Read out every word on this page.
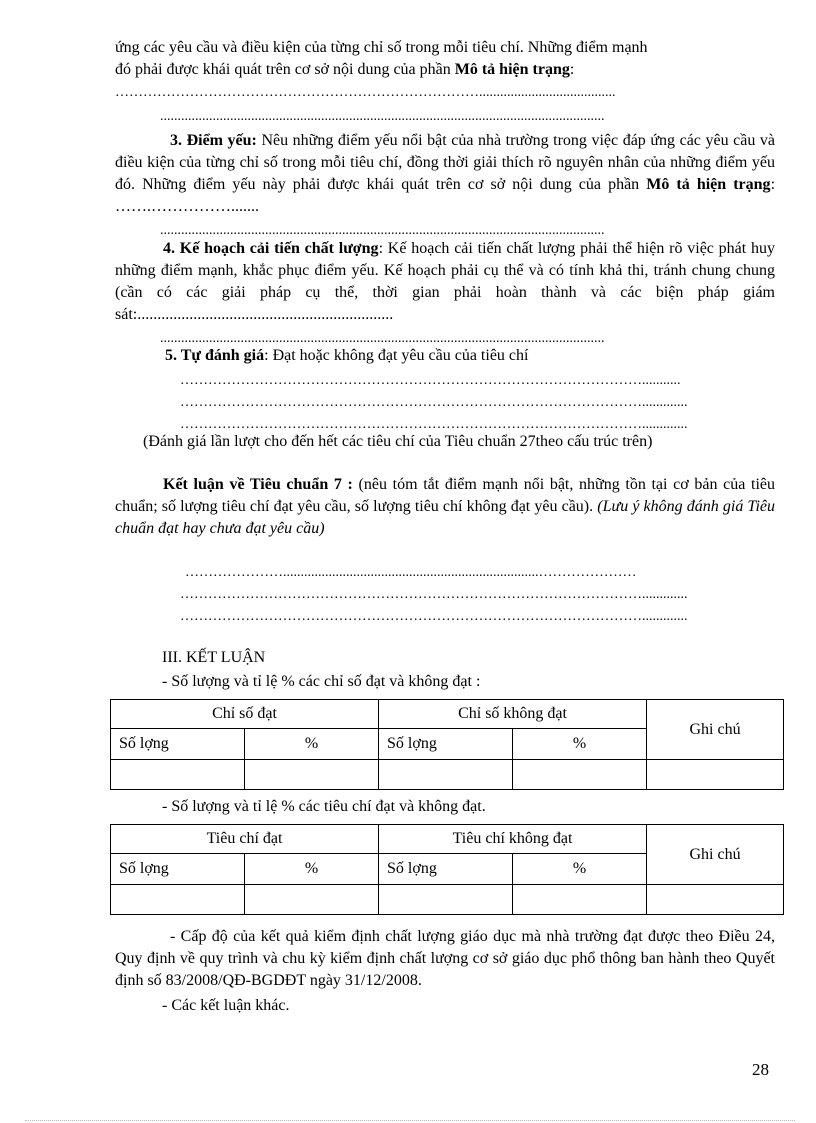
ứng các yêu cầu và điều kiện của từng chỉ số trong mỗi tiêu chí. Những điểm mạnh
đó phải được khái quát trên cơ sở nội dung của phần Mô tả hiện trạng:
…………………………………………………………………….......................................
...............................................................................................................................

3. Điểm yếu: Nêu những điểm yếu nổi bật của nhà trường trong việc đáp ứng các yêu cầu và điều kiện của từng chỉ số trong mỗi tiêu chí, đồng thời giải thích rõ nguyên nhân của những điểm yếu đó. Những điểm yếu này phải được khái quát trên cơ sở nội dung của phần Mô tả hiện trạng: …….…………….......

...............................................................................................................................

4. Kế hoạch cải tiến chất lượng: Kế hoạch cải tiến chất lượng phải thể hiện rõ việc phát huy những điểm mạnh, khắc phục điểm yếu. Kế hoạch phải cụ thể và có tính khả thi, tránh chung chung (cần có các giải pháp cụ thể, thời gian phải hoàn thành và các biện pháp giám sát:................................................................

...............................................................................................................................
5. Tự đánh giá: Đạt hoặc không đạt yêu cầu của tiêu chí
………………………………………………………………………………………...........
……………………………………………………………………………………….............
……………………………………………………………………………………….............
(Đánh giá lần lượt cho đến hết các tiêu chí của Tiêu chuẩn 27theo cấu trúc trên)

Kết luận về Tiêu chuẩn 7 : (nêu tóm tắt điểm mạnh nổi bật, những tồn tại cơ bản của tiêu chuẩn; số lượng tiêu chí đạt yêu cầu, số lượng tiêu chí không đạt yêu cầu). (Lưu ý không đánh giá Tiêu chuẩn đạt hay chưa đạt yêu cầu)

………………….........................................................................…………………
……………………………………………………………………………………….............
……………………………………………………………………………………….............
III. KẾT LUẬN
- Số lượng và tỉ lệ % các chỉ số đạt và không đạt :
Chỉ số đạt		Chỉ số không đạt		Ghi chú
Số lợng	%	Số lợng	%	

- Số lượng và tỉ lệ % các tiêu chí đạt và không đạt.
Tiêu chí đạt		Tiêu chí không đạt		Ghi chú
Số lợng	%	Số lợng	%	

- Cấp độ của kết quả kiểm định chất lượng giáo dục mà nhà trường đạt được theo Điều 24, Quy định về quy trình và chu kỳ kiểm định chất lượng cơ sở giáo dục phổ thông ban hành theo Quyết định số 83/2008/QĐ-BGDĐT ngày 31/12/2008.

- Các kết luận khác.
28
